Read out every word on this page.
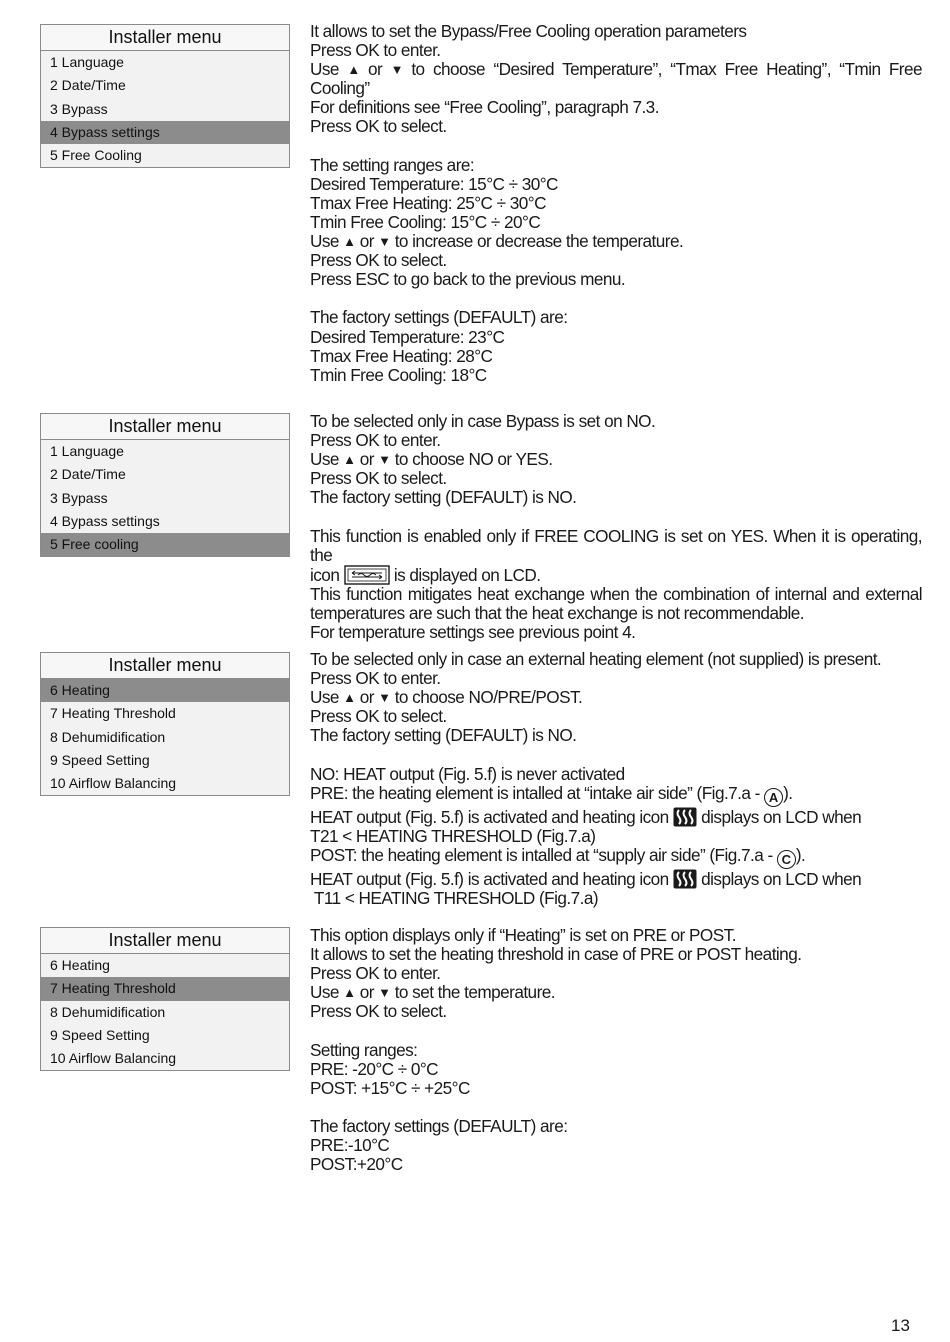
Installer menu
1 Language
2 Date/Time
3 Bypass
4 Bypass settings
5 Free Cooling
Installer menu
1 Language
2 Date/Time
3 Bypass
4 Bypass settings
5 Free cooling
Installer menu
6 Heating
7 Heating Threshold
8 Dehumidification
9 Speed Setting
10 Airflow Balancing
Installer menu
6 Heating
7 Heating Threshold
8 Dehumidification
9 Speed Setting
10 Airflow Balancing

It allows to set the Bypass/Free Cooling operation parameters

Press OK to enter.

Use ▲ or ▼ to choose “Desired Temperature”, “Tmax Free Heating”, “Tmin Free Cooling”

For definitions see “Free Cooling”, paragraph 7.3.

Press OK to select.

The setting ranges are:

Desired Temperature: 15°C ÷ 30°C

Tmax Free Heating: 25°C ÷ 30°C

Tmin Free Cooling: 15°C ÷ 20°C

Use ▲ or ▼ to increase or decrease the temperature.

Press OK to select.

Press ESC to go back to the previous menu.

The factory settings (DEFAULT) are:

Desired Temperature: 23°C

Tmax Free Heating: 28°C

Tmin Free Cooling: 18°C

To be selected only in case Bypass is set on NO.

Press OK to enter.

Use ▲ or ▼ to choose NO or YES.

Press OK to select.

The factory setting (DEFAULT) is NO.

This function is enabled only if FREE COOLING is set on YES. When it is operating, the

icon	is displayed on LCD.

This function mitigates heat exchange when the combination of internal and external temperatures are such that the heat exchange is not recommendable.

For temperature settings see previous point 4.

To be selected only in case an external heating element (not supplied) is present.

Press OK to enter.

Use ▲ or ▼ to choose NO/PRE/POST.

Press OK to select.

The factory setting (DEFAULT) is NO.

NO: HEAT output (Fig. 5.f) is never activated

PRE: the heating element is intalled at “intake air side” (Fig.7.a - A ).

HEAT output (Fig. 5.f) is activated and heating icon displays on LCD when

T21 < HEATING THRESHOLD (Fig.7.a)

POST: the heating element is intalled at “supply air side” (Fig.7.a - C ).

HEAT output (Fig. 5.f) is activated and heating icon displays on LCD when

T11 < HEATING THRESHOLD (Fig.7.a)

This option displays only if “Heating” is set on PRE or POST.

It allows to set the heating threshold in case of PRE or POST heating.

Press OK to enter.

Use ▲ or ▼ to set the temperature.

Press OK to select.

Setting ranges:

PRE: -20°C ÷ 0°C

POST: +15°C ÷ +25°C

The factory settings (DEFAULT) are:

PRE:-10°C

POST:+20°C

13
